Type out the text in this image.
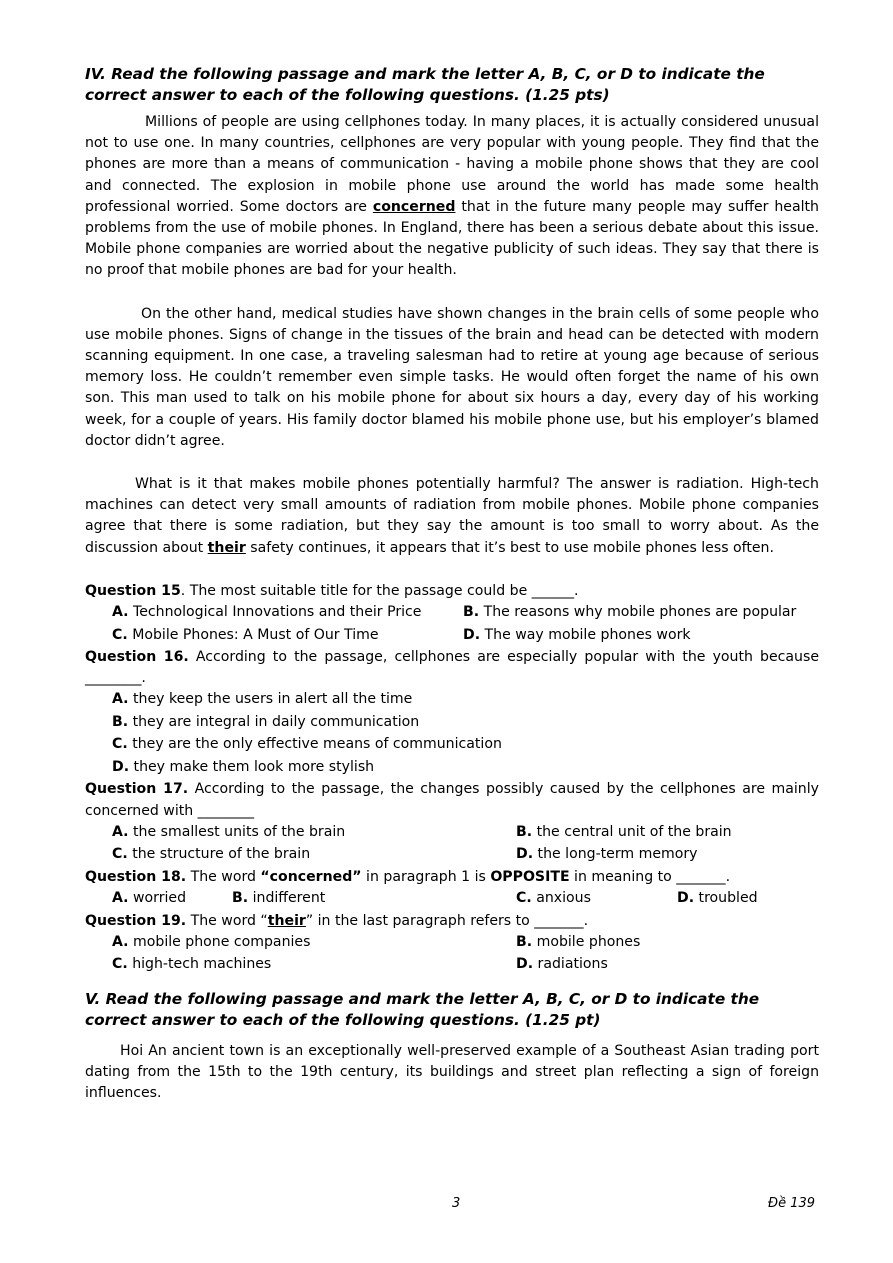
IV. Read the following passage and mark the letter A, B, C, or D to indicate the correct answer to each of the following questions. (1.25 pts)

Millions of people are using cellphones today. In many places, it is actually considered unusual not to use one. In many countries, cellphones are very popular with young people. They find that the phones are more than a means of communication - having a mobile phone shows that they are cool and connected. The explosion in mobile phone use around the world has made some health professional worried. Some doctors are concerned that in the future many people may suffer health problems from the use of mobile phones. In England, there has been a serious debate about this issue. Mobile phone companies are worried about the negative publicity of such ideas. They say that there is no proof that mobile phones are bad for your health.

On the other hand, medical studies have shown changes in the brain cells of some people who use mobile phones. Signs of change in the tissues of the brain and head can be detected with modern scanning equipment. In one case, a traveling salesman had to retire at young age because of serious memory loss. He couldn’t remember even simple tasks. He would often forget the name of his own son. This man used to talk on his mobile phone for about six hours a day, every day of his working week, for a couple of years. His family doctor blamed his mobile phone use, but his employer’s blamed doctor didn’t agree.

What is it that makes mobile phones potentially harmful? The answer is radiation. High-tech machines can detect very small amounts of radiation from mobile phones. Mobile phone companies agree that there is some radiation, but they say the amount is too small to worry about. As the discussion about their safety continues, it appears that it’s best to use mobile phones less often.

Question 15. The most suitable title for the passage could be ______.

A. Technological Innovations and their Price	B. The reasons why mobile phones are popular
C. Mobile Phones: A Must of Our Time	D. The way mobile phones work

Question 16. According to the passage, cellphones are especially popular with the youth because ________.

A. they keep the users in alert all the time
B. they are integral in daily communication
C. they are the only effective means of communication
D. they make them look more stylish

Question 17. According to the passage, the changes possibly caused by the cellphones are mainly concerned with ________

A. the smallest units of the brain	B. the central unit of the brain
C. the structure of the brain	D. the long-term memory

Question 18. The word “concerned” in paragraph 1 is OPPOSITE in meaning to _______.

A. worried	B. indifferent	C. anxious	D. troubled

Question 19. The word “their” in the last paragraph refers to _______.

A. mobile phone companies	B. mobile phones
C. high-tech machines	D. radiations

V. Read the following passage and mark the letter A, B, C, or D to indicate the correct answer to each of the following questions. (1.25 pt)

Hoi An ancient town is an exceptionally well-preserved example of a Southeast Asian trading port dating from the 15th to the 19th century, its buildings and street plan reflecting a sign of foreign influences.

3	Đề 139
